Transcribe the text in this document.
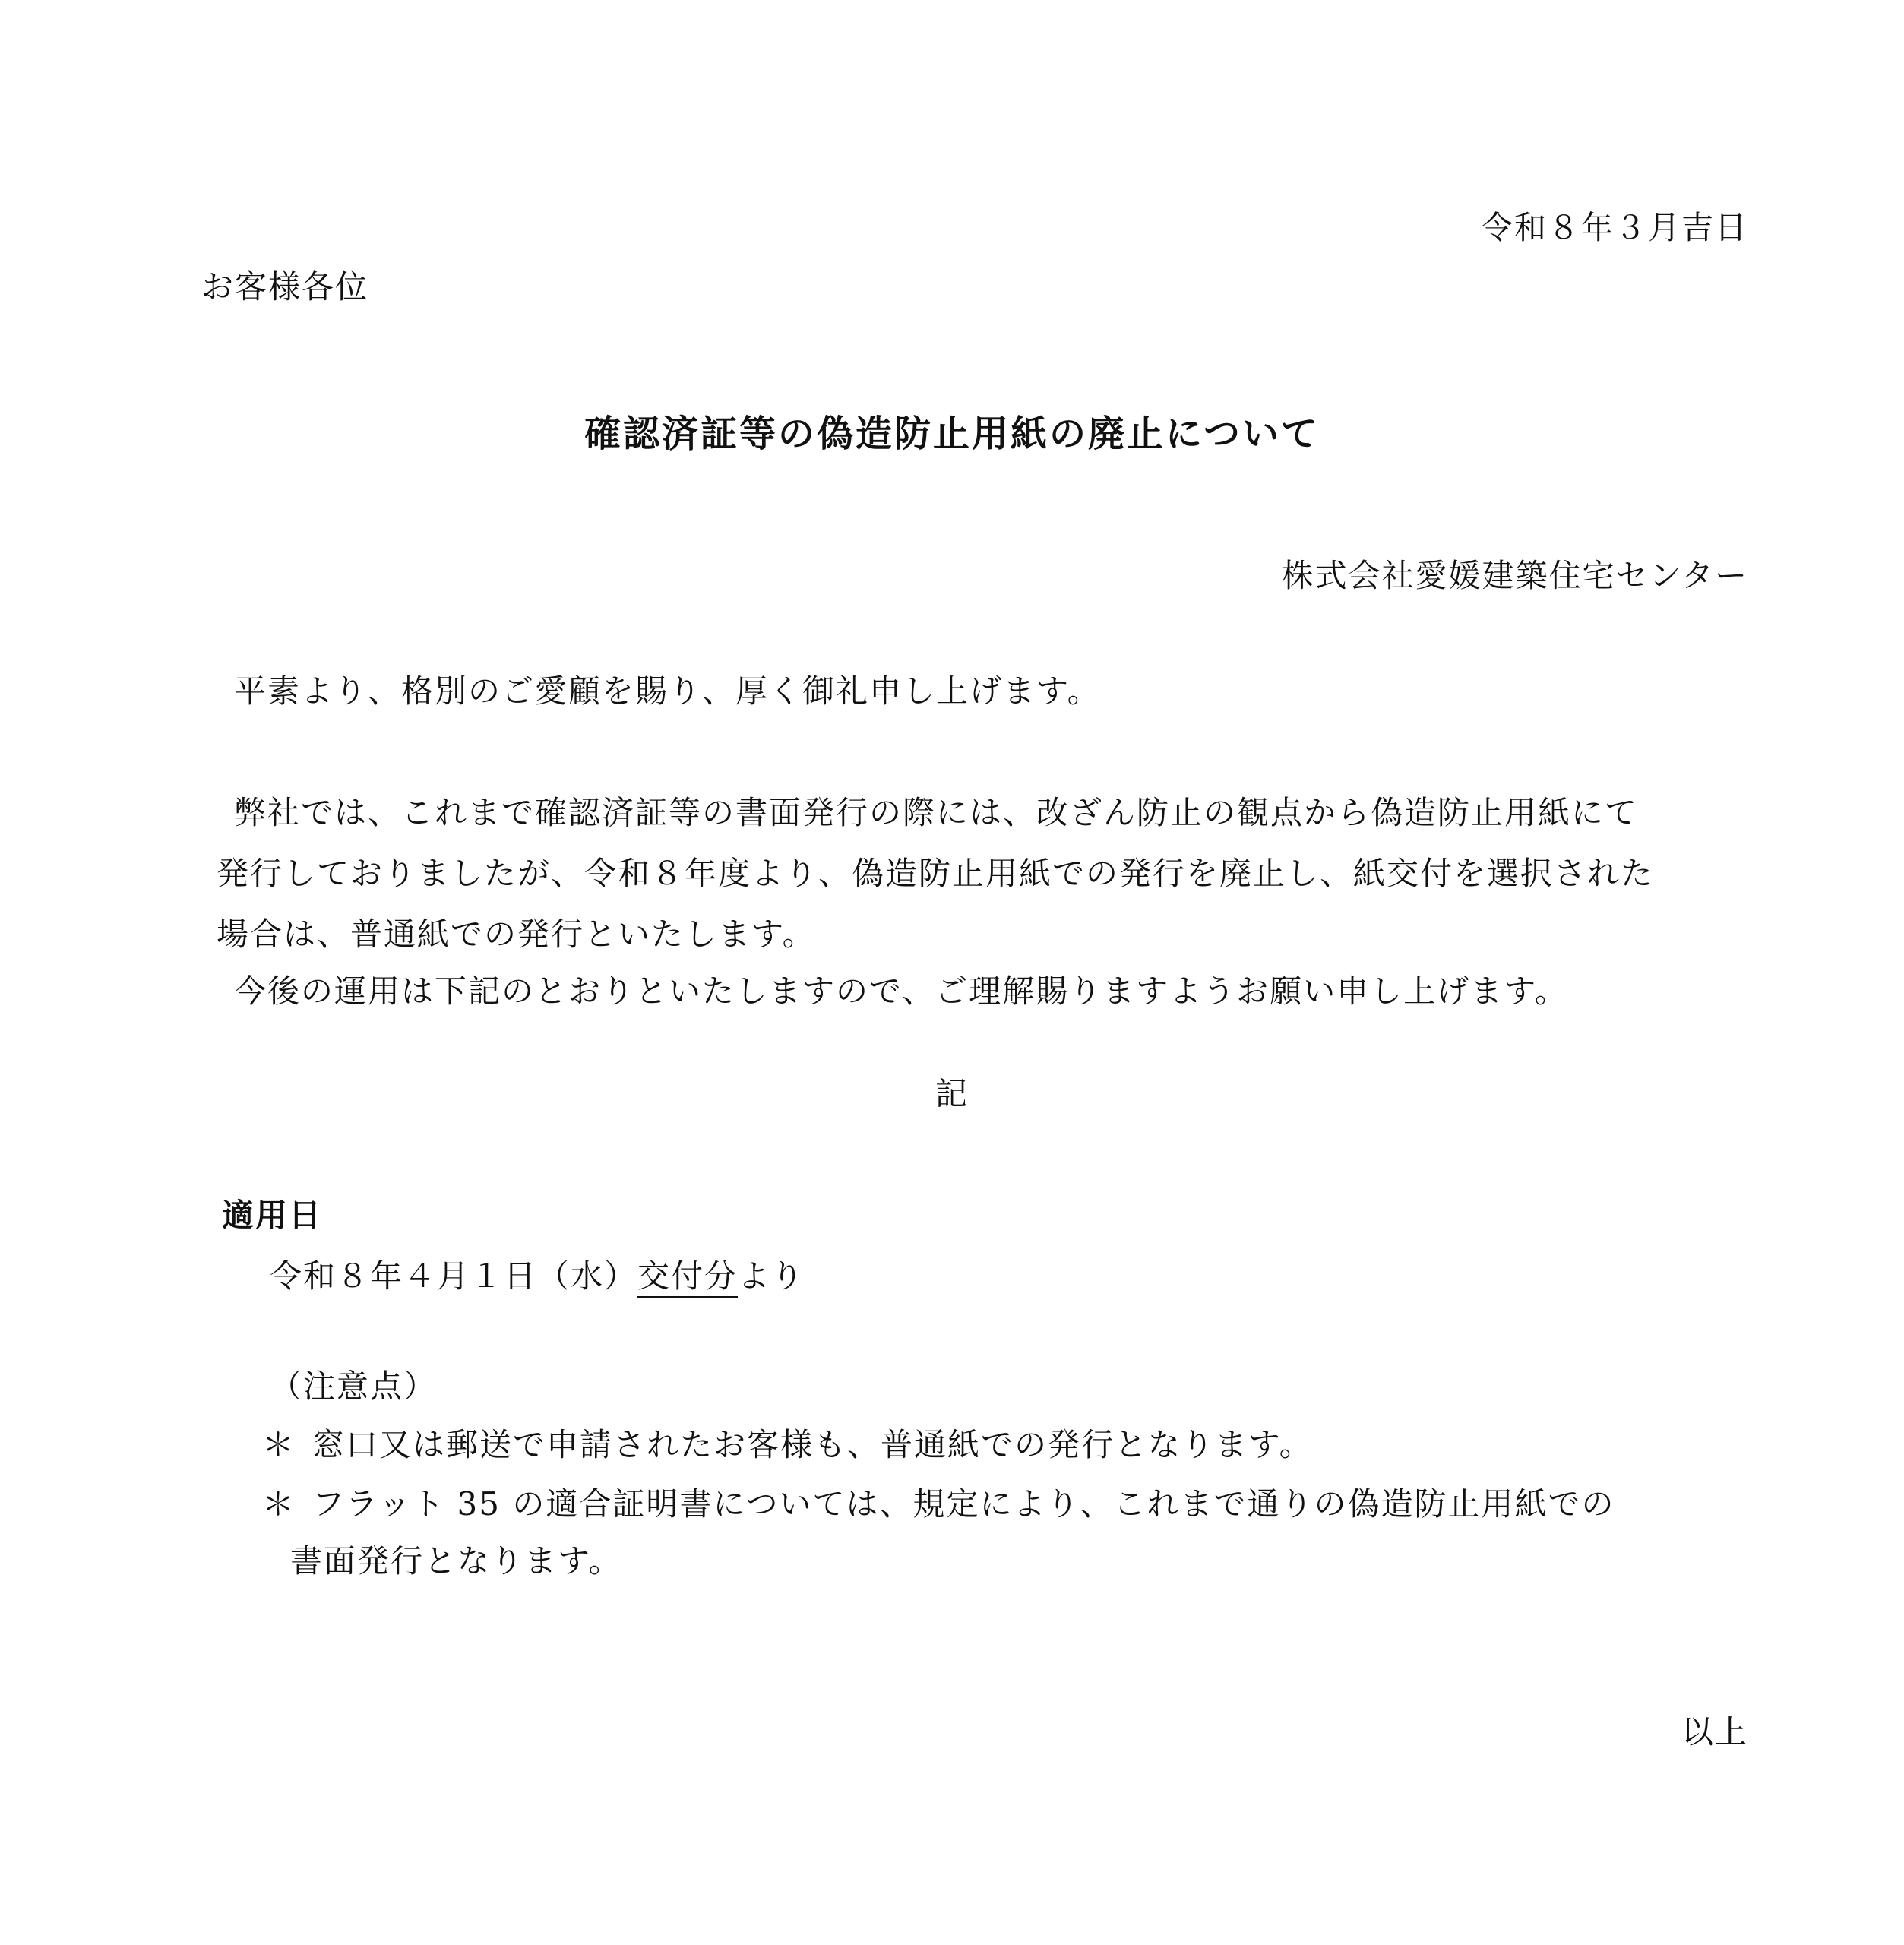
令和８年３月吉日
お客様各位
確認済証等の偽造防止用紙の廃止について
株式会社愛媛建築住宅センター
平素より、格別のご愛顧を賜り、厚く御礼申し上げます。
弊社では、これまで確認済証等の書面発行の際には、改ざん防止の観点から偽造防止用紙にて
発行しておりましたが、令和８年度より、偽造防止用紙での発行を廃止し、紙交付を選択された
場合は、普通紙での発行といたします。
今後の運用は下記のとおりといたしますので、ご理解賜りますようお願い申し上げます。
記
適用日
令和８年４月１日（水）交付分より
（注意点）
＊ 窓口又は郵送で申請されたお客様も、普通紙での発行となります。
＊ フラット 35 の適合証明書については、規定により、これまで通りの偽造防止用紙での
書面発行となります。
以上
